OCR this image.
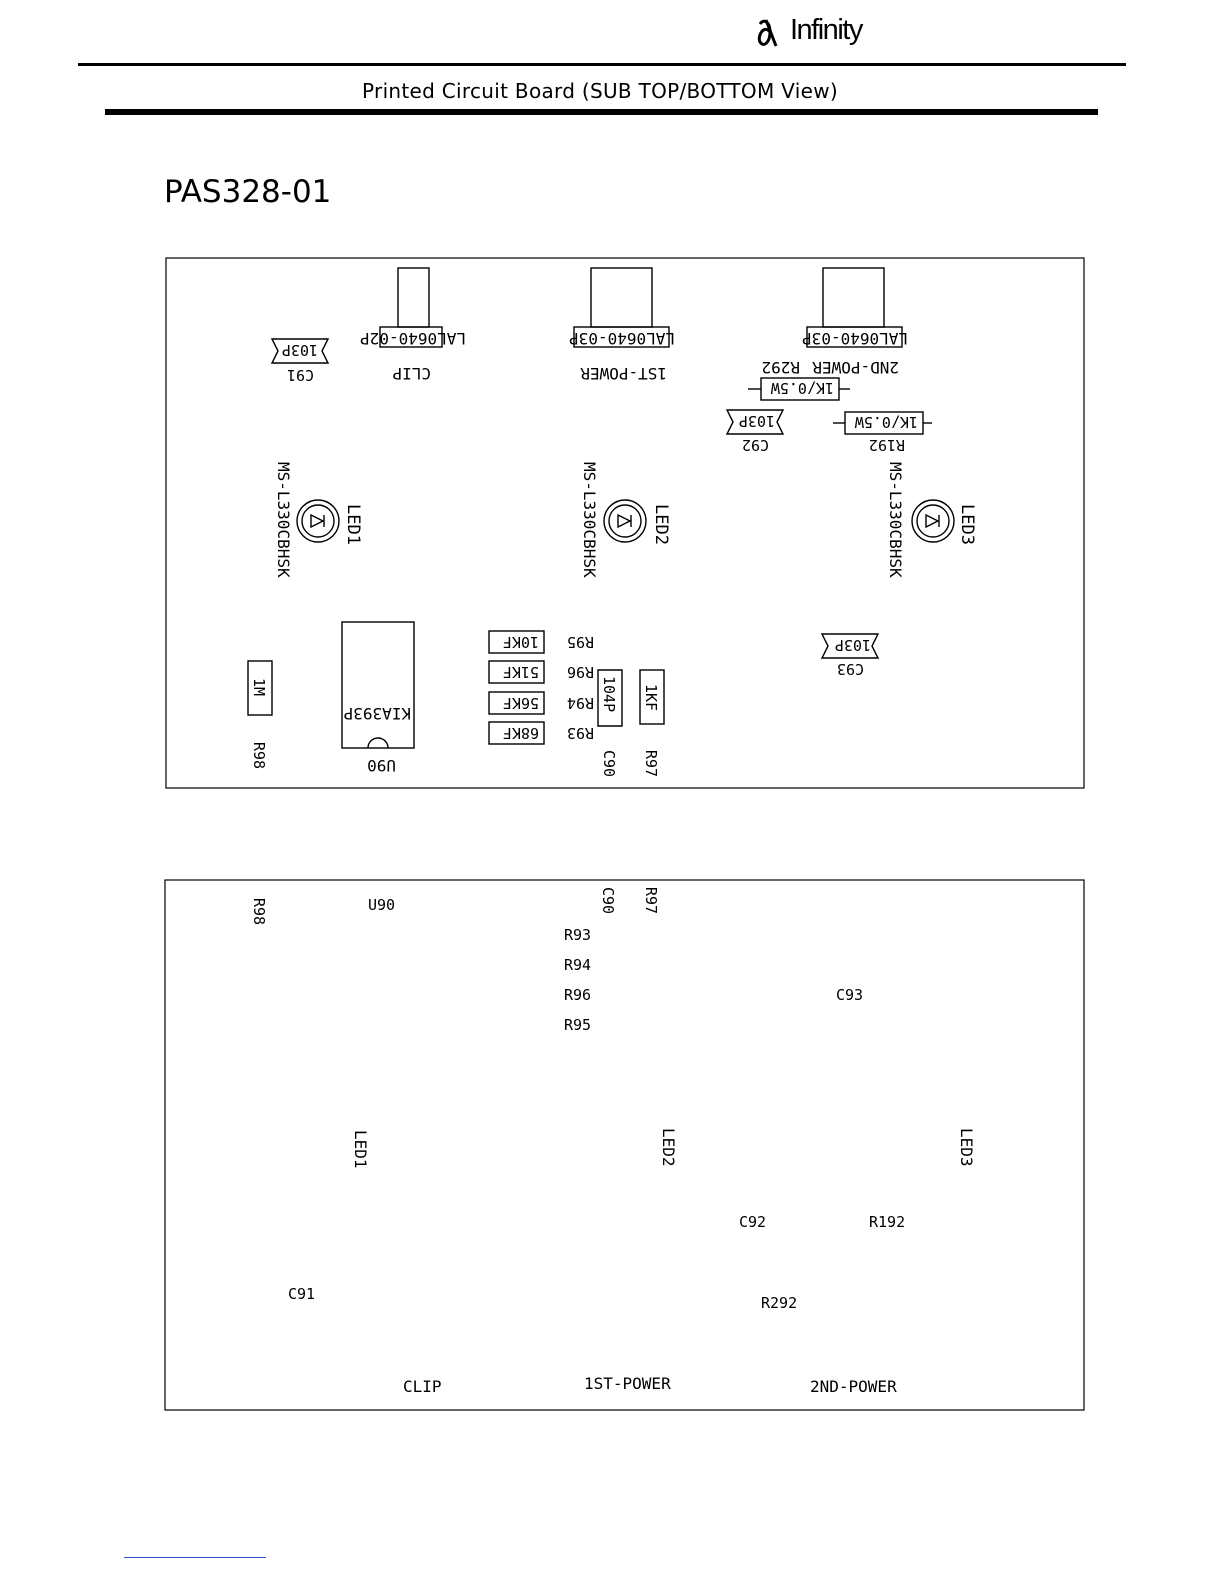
Infinity
Printed Circuit Board (SUB TOP/BOTTOM View)
PAS328-01
LAL0640-02P
CLIP
LAL0640-03P
1ST-POWER
LAL0640-03P
2ND-POWER
R292
103P
C91
1K/0.5W
103P
C92
1K/0.5W
R192
LED1
MS-L330CBHSK	LED2
MS-L330CBHSK	LED3
MS-L330CBHSK
1M
R98
KIA393P
U90
10KF
51KF
56KF
68KF
R95
R96
R94
R93
104P
C90
1KF
R97
103P
C93
R98	U90	C90 R97
R93
R94
R96
R95
C93
LED1	LED2	LED3
C92	R192
C91	R292
CLIP	1ST-POWER	2ND-POWER
